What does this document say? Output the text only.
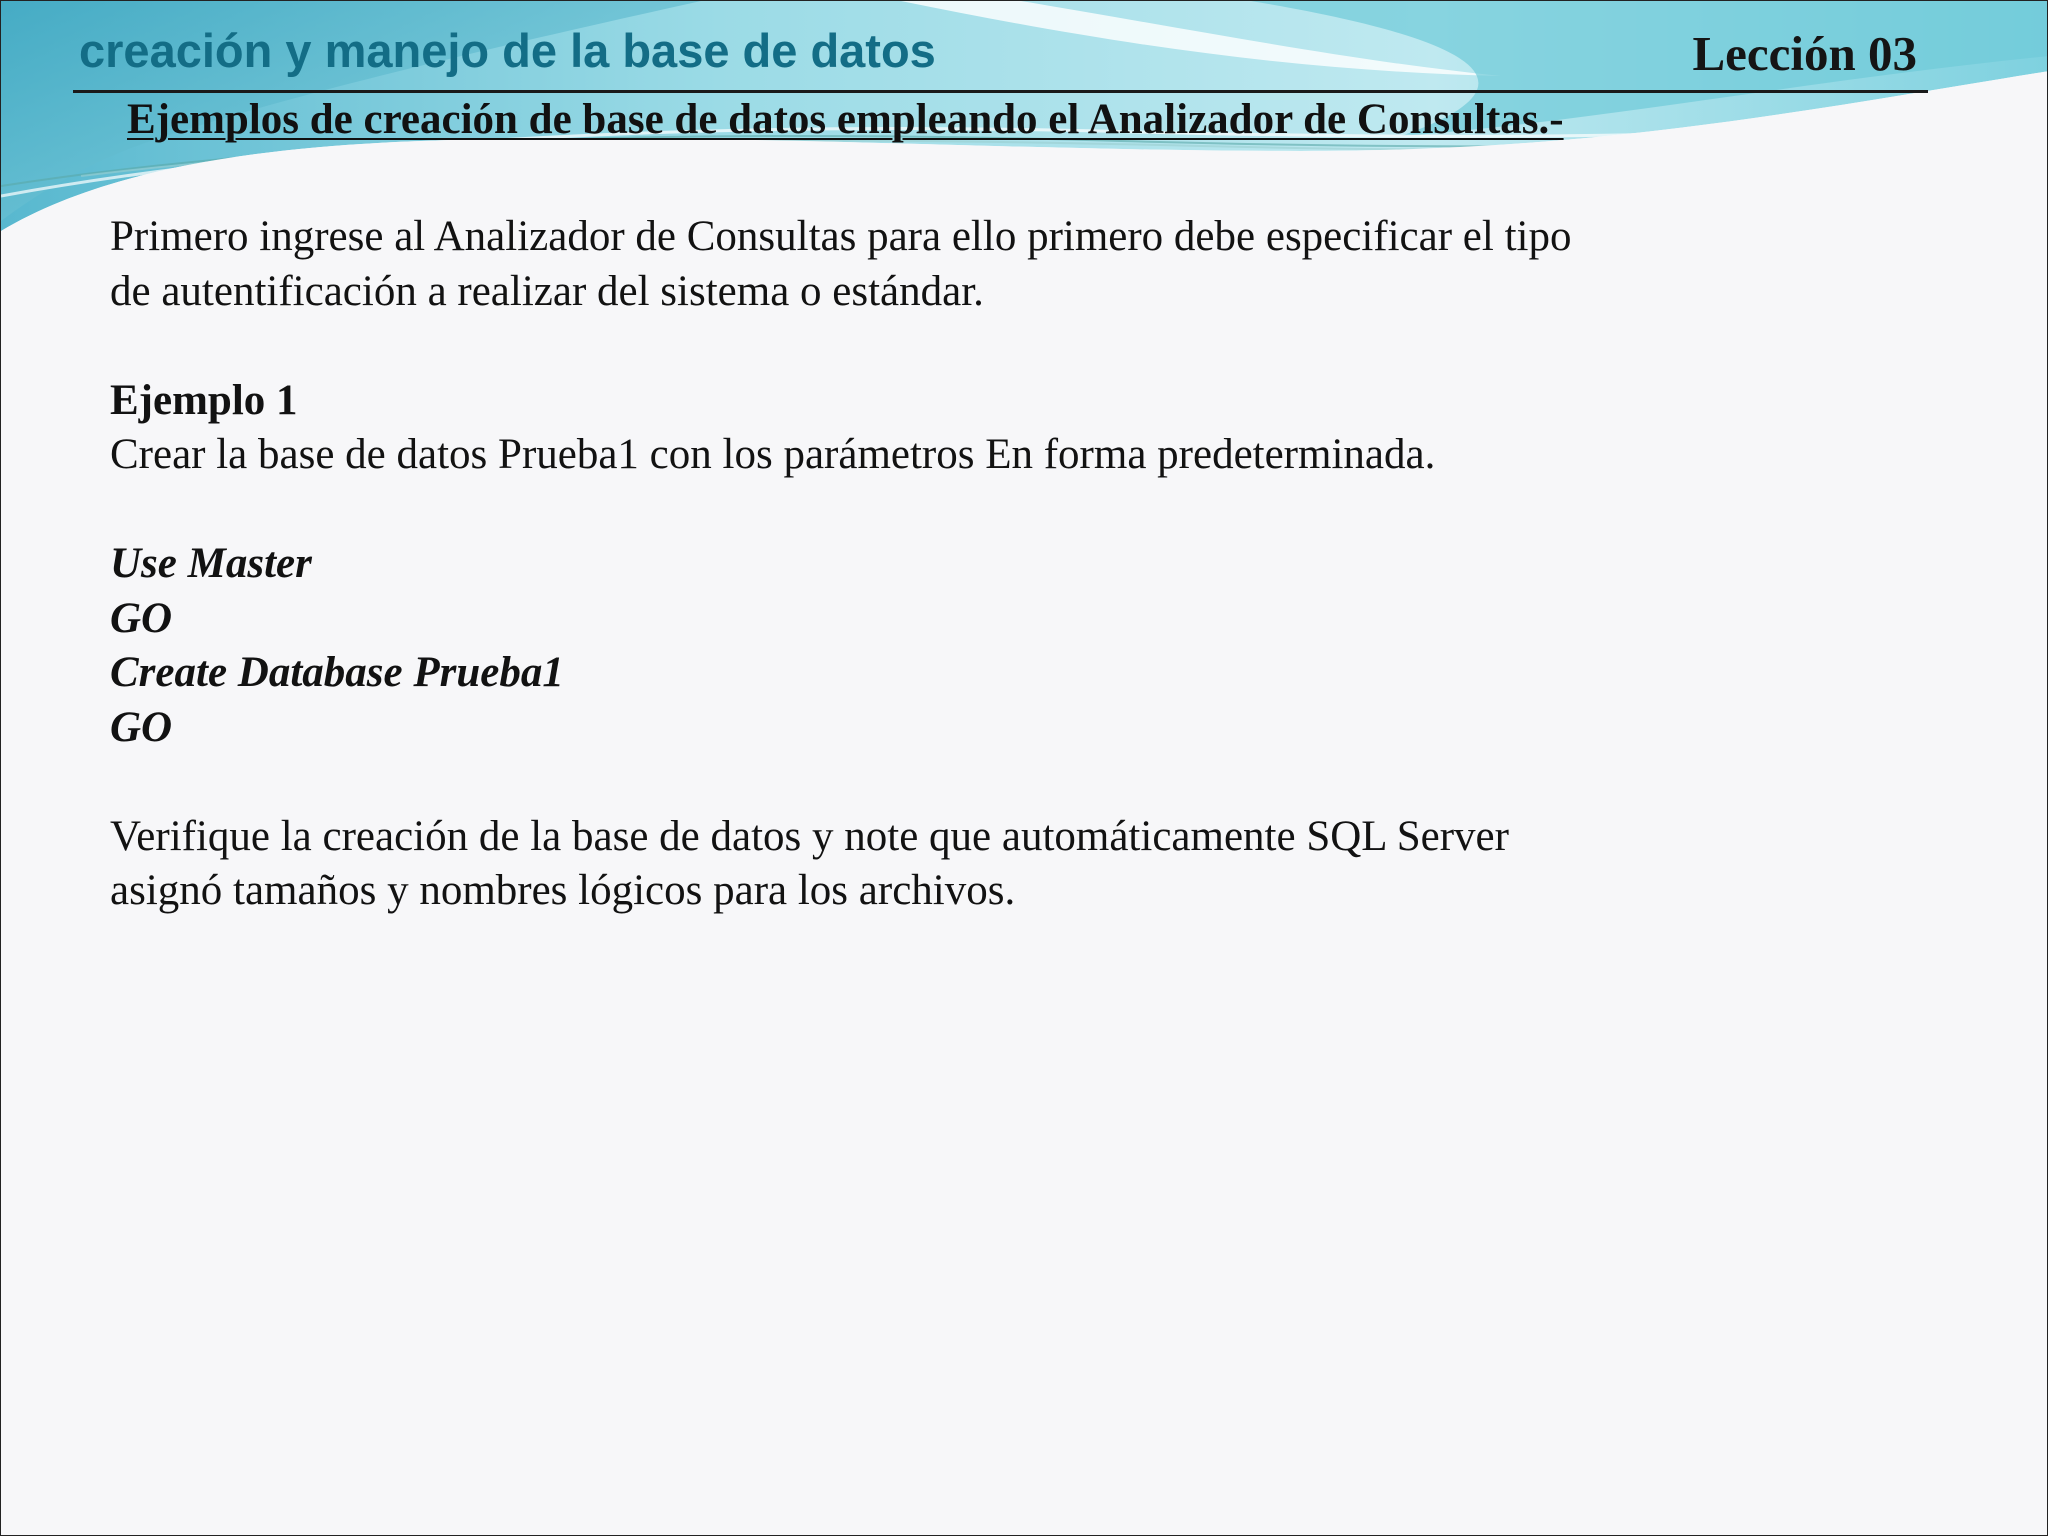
creación y manejo de la base de datos	Lección 03
Ejemplos de creación de base de datos empleando el Analizador de Consultas.-

Primero ingrese al Analizador de Consultas para ello primero debe especificar el tipo

de autentificación a realizar del sistema o estándar.

Ejemplo 1

Crear la base de datos Prueba1 con los parámetros En forma predeterminada.

Use Master

GO

Create Database Prueba1

GO

Verifique la creación de la base de datos y note que automáticamente SQL Server

asignó tamaños y nombres lógicos para los archivos.
